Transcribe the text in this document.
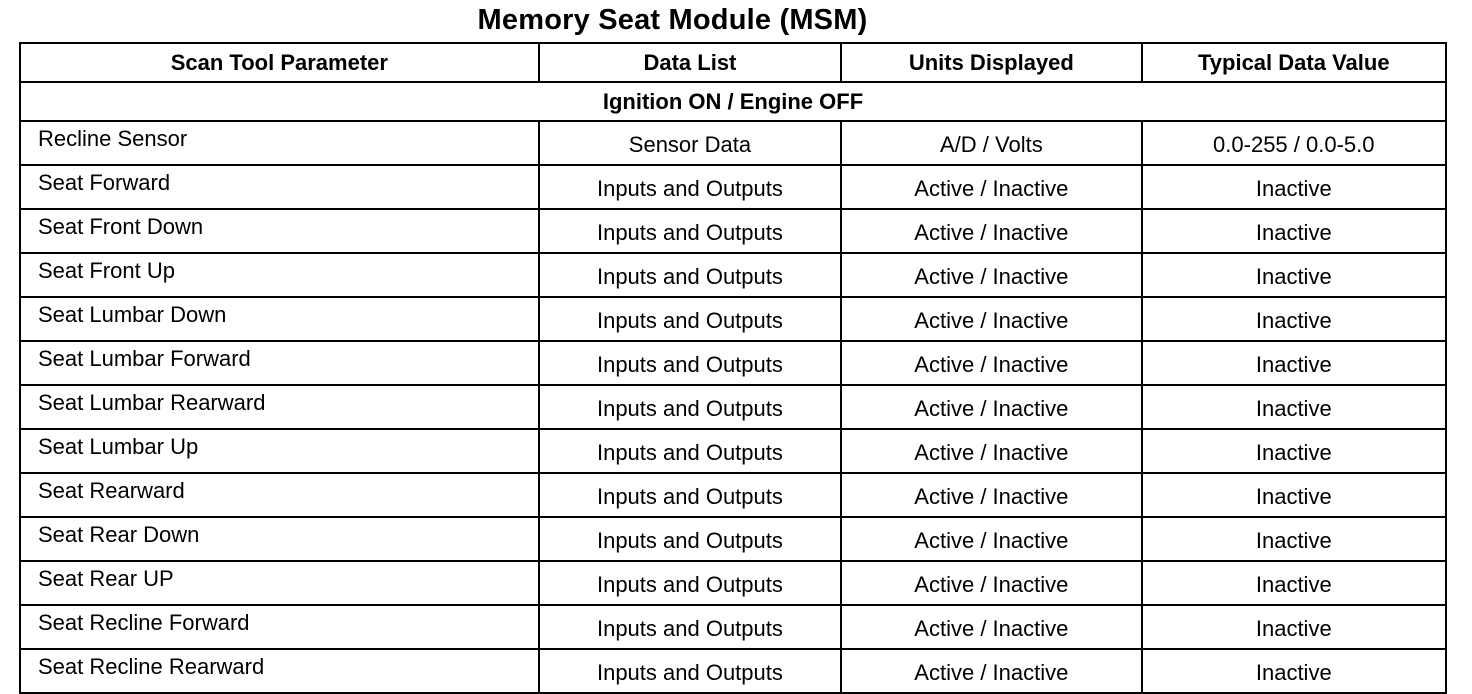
Memory Seat Module (MSM)
Scan Tool Parameter	Data List	Units Displayed	Typical Data Value
Ignition ON / Engine OFF			
Recline Sensor	Sensor Data	A/D / Volts	0.0-255 / 0.0-5.0
Seat Forward	Inputs and Outputs	Active / Inactive	Inactive
Seat Front Down	Inputs and Outputs	Active / Inactive	Inactive
Seat Front Up	Inputs and Outputs	Active / Inactive	Inactive
Seat Lumbar Down	Inputs and Outputs	Active / Inactive	Inactive
Seat Lumbar Forward	Inputs and Outputs	Active / Inactive	Inactive
Seat Lumbar Rearward	Inputs and Outputs	Active / Inactive	Inactive
Seat Lumbar Up	Inputs and Outputs	Active / Inactive	Inactive
Seat Rearward	Inputs and Outputs	Active / Inactive	Inactive
Seat Rear Down	Inputs and Outputs	Active / Inactive	Inactive
Seat Rear UP	Inputs and Outputs	Active / Inactive	Inactive
Seat Recline Forward	Inputs and Outputs	Active / Inactive	Inactive
Seat Recline Rearward	Inputs and Outputs	Active / Inactive	Inactive
